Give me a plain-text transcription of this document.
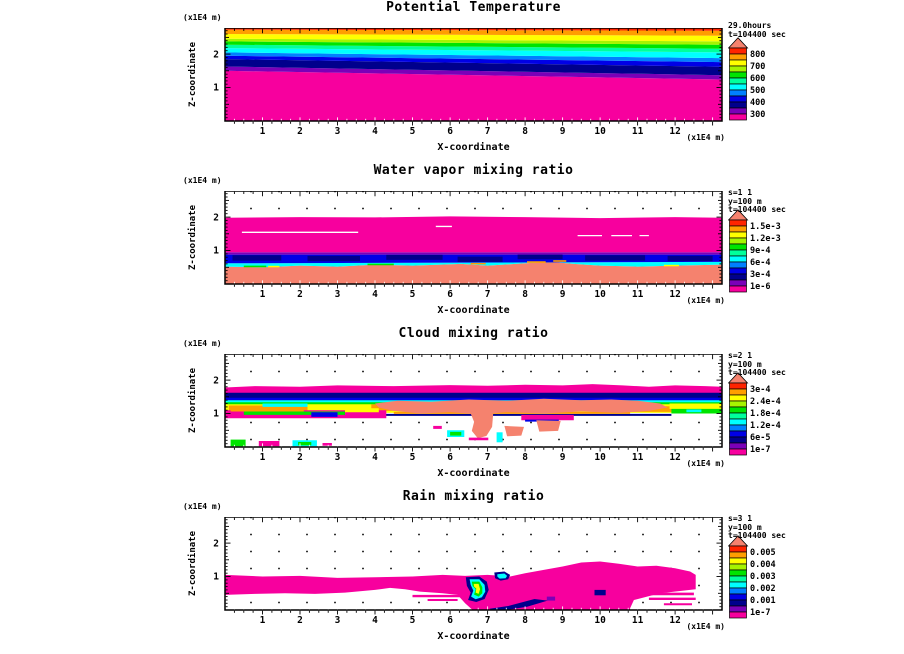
Potential Temperature
(x1E4 m)
Z-coordinate
1	2	3	4	5	6	7	8	9	10	11	12
1
2
(x1E4 m)
X-coordinate
29.0hours
t=104400 sec

800
700
600
500
400
300
Water vapor mixing ratio
(x1E4 m)
Z-coordinate
1	2	3	4	5	6	7	8	9	10	11	12
1
2
(x1E4 m)
X-coordinate
s=1 1
y=100 m
t=104400 sec
1.5e-3
1.2e-3
9e-4
6e-4
3e-4
1e-6
Cloud mixing ratio
(x1E4 m)
Z-coordinate
1	2	3	4	5	6	7	8	9	10	11	12
1
2
(x1E4 m)
X-coordinate
s=2 1
y=100 m
t=104400 sec
3e-4
2.4e-4
1.8e-4
1.2e-4
6e-5
1e-7
Rain mixing ratio
(x1E4 m)
Z-coordinate
1	2	3	4	5	6	7	8	9	10	11	12
1
2
(x1E4 m)
X-coordinate
s=3 1
y=100 m
t=104400 sec
0.005
0.004
0.003
0.002
0.001
1e-7
